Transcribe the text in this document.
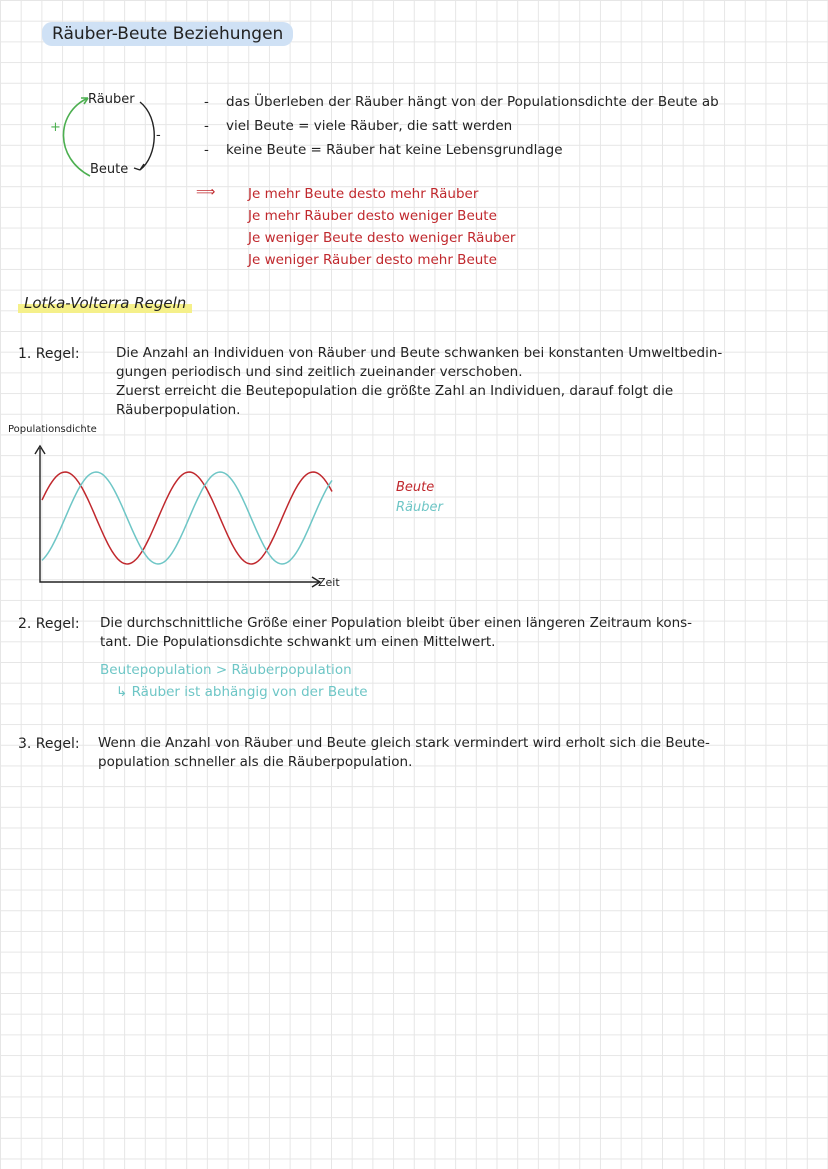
Räuber-Beute Beziehungen
Räuber
Beute
+
-
- das Überleben der Räuber hängt von der Populationsdichte der Beute ab
- viel Beute = viele Räuber, die satt werden
- keine Beute = Räuber hat keine Lebensgrundlage
⟹ Je mehr Beute desto mehr Räuber
Je mehr Räuber desto weniger Beute
Je weniger Beute desto weniger Räuber
Je weniger Räuber desto mehr Beute
Lotka-Volterra Regeln
1. Regel:	Die Anzahl an Individuen von Räuber und Beute schwanken bei konstanten Umweltbedin-
gungen periodisch und sind zeitlich zueinander verschoben.
Zuerst erreicht die Beutepopulation die größte Zahl an Individuen, darauf folgt die
Räuberpopulation.
Populationsdichte
Zeit
Beute
Räuber
2. Regel: Die durchschnittliche Größe einer Population bleibt über einen längeren Zeitraum kons-
tant. Die Populationsdichte schwankt um einen Mittelwert.
Beutepopulation > Räuberpopulation
↳ Räuber ist abhängig von der Beute
3. Regel: Wenn die Anzahl von Räuber und Beute gleich stark vermindert wird erholt sich die Beute-
population schneller als die Räuberpopulation.
